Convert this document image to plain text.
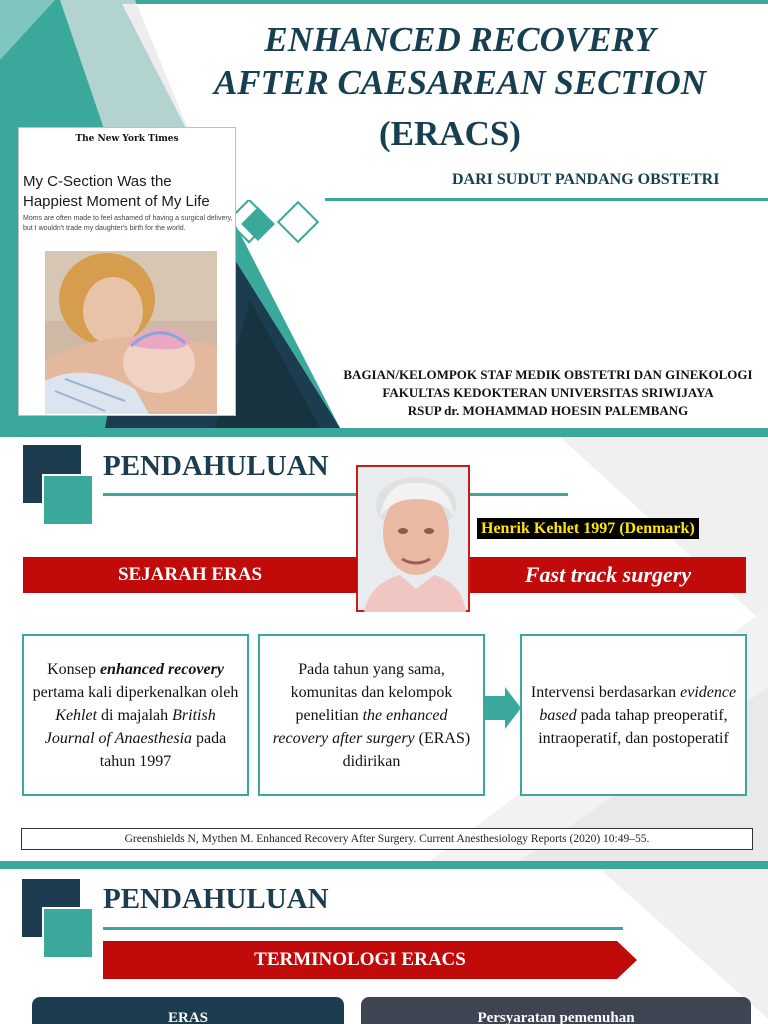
ENHANCED RECOVERY
AFTER CAESAREAN SECTION
(ERACS)
DARI SUDUT PANDANG OBSTETRI
BAGIAN/KELOMPOK STAF MEDIK OBSTETRI DAN GINEKOLOGI
FAKULTAS KEDOKTERAN UNIVERSITAS SRIWIJAYA
RSUP dr. MOHAMMAD HOESIN PALEMBANG
The New York Times
My C-Section Was the Happiest Moment of My Life
Moms are often made to feel ashamed of having a surgical delivery, but I wouldn't trade my daughter's birth for the world.
PENDAHULUAN
Henrik Kehlet 1997 (Denmark)
SEJARAH ERAS	Fast track surgery
Konsep enhanced recovery pertama kali diperkenalkan oleh Kehlet di majalah British Journal of Anaesthesia pada tahun 1997
Pada tahun yang sama, komunitas dan kelompok penelitian the enhanced recovery after surgery (ERAS) didirikan
Intervensi berdasarkan evidence based pada tahap preoperatif, intraoperatif, dan postoperatif
Greenshields N, Mythen M. Enhanced Recovery After Surgery. Current Anesthesiology Reports (2020) 10:49–55.
PENDAHULUAN
TERMINOLOGI ERACS
ERAS	Persyaratan pemenuhan
